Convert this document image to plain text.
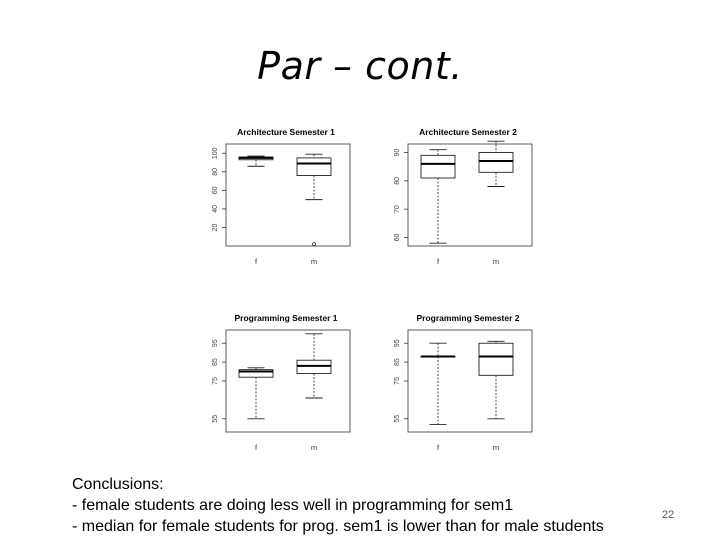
Par – cont.
Architecture Semester 1
20
40
60
80
100
f	m
Architecture Semester 2
60
70
80
90
f	m
Programming Semester 1
55
75
85
95
f	m
Programming Semester 2
55
75
85
95
f	m
Conclusions:
- female students are doing less well in programming for sem1
- median for female students for prog. sem1 is lower than for male students
22
